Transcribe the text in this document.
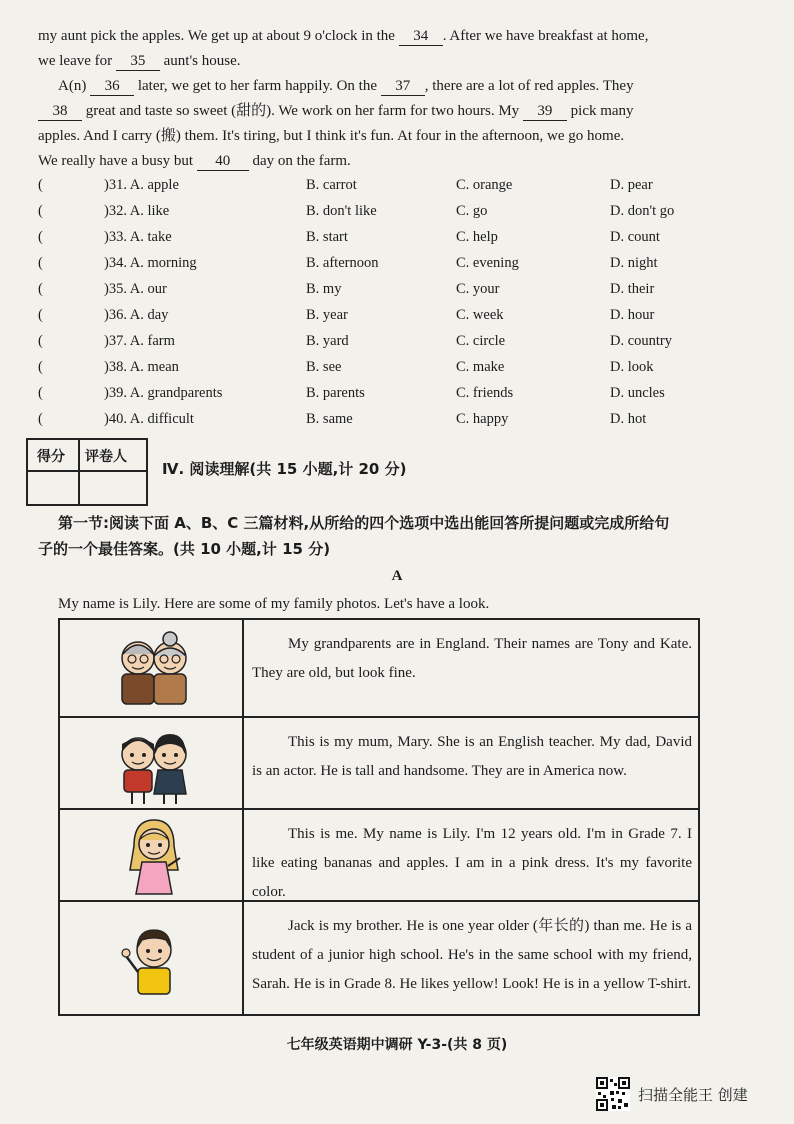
my aunt pick the apples. We get up at about 9 o'clock in the 34 . After we have breakfast at home,
we leave for 35 aunt's house.
A(n) 36 later, we get to her farm happily. On the 37 , there are a lot of red apples. They
38 great and taste so sweet (甜的). We work on her farm for two hours. My 39 pick many
apples. And I carry (搬) them. It's tiring, but I think it's fun. At four in the afternoon, we go home.
We really have a busy but 40 day on the farm.
(	)31. A. apple	B. carrot	C. orange	D. pear
(	)32. A. like	B. don't like	C. go	D. don't go
(	)33. A. take	B. start	C. help	D. count
(	)34. A. morning	B. afternoon	C. evening	D. night
(	)35. A. our	B. my	C. your	D. their
(	)36. A. day	B. year	C. week	D. hour
(	)37. A. farm	B. yard	C. circle	D. country
(	)38. A. mean	B. see	C. make	D. look
(	)39. A. grandparents	B. parents	C. friends	D. uncles
(	)40. A. difficult	B. same	C. happy	D. hot
得分 评卷人
Ⅳ. 阅读理解(共 15 小题,计 20 分)
第一节:阅读下面 A、B、C 三篇材料,从所给的四个选项中选出能回答所提问题或完成所给句
子的一个最佳答案。(共 10 小题,计 15 分)
A
My name is Lily. Here are some of my family photos. Let's have a look.
My grandparents are in England. Their names are Tony and Kate. They are old, but look fine.
This is my mum, Mary. She is an English teacher. My dad, David is an actor. He is tall and handsome. They are in America now.
This is me. My name is Lily. I'm 12 years old. I'm in Grade 7. I like eating bananas and apples. I am in a pink dress. It's my favorite color.
Jack is my brother. He is one year older (年长的) than me. He is a student of a junior high school. He's in the same school with my friend, Sarah. He is in Grade 8. He likes yellow! Look! He is in a yellow T-shirt.
七年级英语期中调研 Y-3-(共 8 页)
扫描全能王 创建
